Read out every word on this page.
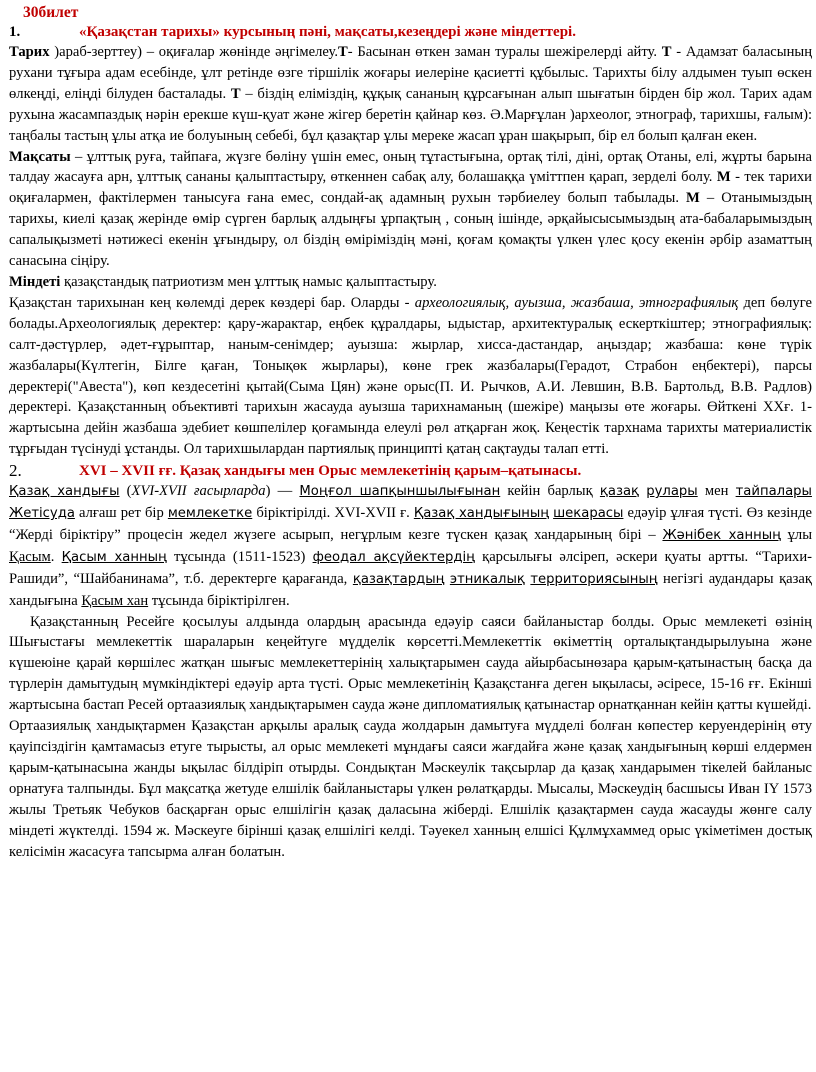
30билет
1.	«Қазақстан тарихы» курсының пәні, мақсаты,кезеңдері және міндеттері.

Тарих )араб-зерттеу) – оқиғалар жөнінде әңгімелеу.Т- Басынан өткен заман туралы шежірелерді айту. Т - Адамзат баласының рухани тұғыра адам есебінде, ұлт ретінде өзге тіршілік жоғары иелеріне қасиетті құбылыс. Тарихты білу алдымен туып өскен өлкеңді, еліңді білуден басталады. Т – біздің еліміздің, құқық сананың құрсағынан алып шығатын бірден бір жол. Тарих адам рухына жасампаздық нәрін ерекше күш-қуат және жігер беретін қайнар көз. Ә.Марғұлан )археолог, этнограф, тарихшы, ғалым): таңбалы тастың ұлы атқа ие болуының себебі, бұл қазақтар ұлы мереке жасап ұран шақырып, бір ел болып қалған екен.

Мақсаты – ұлттық руға, тайпаға, жүзге бөліну үшін емес, оның тұтастығына, ортақ тілі, діні, ортақ Отаны, елі, жұрты барына талдау жасауға арн, ұлттық сананы қалыптастыру, өткеннен сабақ алу, болашаққа үміттпен қарап, зерделі болу. М - тек тарихи оқиғалармен, фактілермен танысуға ғана емес, сондай-ақ адамның рухын тәрбиелеу болып табылады. М – Отанымыздың тарихы, киелі қазақ жерінде өмір сүрген барлық алдыңғы ұрпақтың , соның ішінде, әрқайысысымыздың ата-бабаларымыздың сапалықызметі нәтижесі екенін ұғындыру, ол біздің өміріміздің мәні, қоғам қомақты үлкен үлес қосу екенін әрбір азаматтың санасына сіңіру.

Міндеті қазақстандық патриотизм мен ұлттық намыс қалыптастыру.

Қазақстан тарихынан кең көлемді дерек көздері бар. Оларды - археологиялық, ауызша, жазбаша, этнографиялық деп бөлуге болады.Археологиялық деректер: қару-жарактар, еңбек құралдары, ыдыстар, архитектуралық ескерткіштер; этнографиялық: салт-дәстүрлер, әдет-ғұрыптар, наным-сенімдер; ауызша: жырлар, хисса-дастандар, аңыздар; жазбаша: көне түрік жазбалары(Күлтегін, Білге қаған, Тонықөк жырлары), көне грек жазбалары(Герадот, Страбон еңбектері), парсы деректері("Авеста"), көп кездесетіні қытай(Сыма Цян) және орыс(П. И. Рычков, А.И. Левшин, В.В. Бартольд, В.В. Радлов) деректері. Қазақстанның объективті тарихын жасауда ауызша тарихнаманың (шежіре) маңызы өте жоғары. Өйткені ХХғ. 1-жартысына дейін жазбаша эдебиет көшпелілер қоғамында елеулі рөл атқарған жоқ. Кеңестік тархнама тарихты материалистік тұрғыдан түсінуді ұстанды. Ол тарихшылардан партиялық принципті қатаң сақтауды талап етті.

2.	XVI – XVII ғғ. Қазақ хандығы мен Орыс мемлекетінің қарым–қатынасы.

Қазақ хандығы (XVI-XVII ғасырларда) — Моңғол шапқыншылығынан кейін барлық қазақ рулары мен тайпалары Жетісуда алғаш рет бір мемлекетке біріктірілді. XVI-XVII ғ. Қазақ хандығының шекарасы едәуір ұлғая түсті. Өз кезінде “Жерді біріктіру” процесін жедел жүзеге асырып, негұрлым кезге түскен қазақ хандарының бірі – Жәнібек ханның ұлы Қасым. Қасым ханның тұсында (1511-1523) феодал ақсүйектердің қарсылығы әлсіреп, әскери қуаты артты. “Тарихи-Рашиди”, “Шайбанинама”, т.б. деректерге қарағанда, қазақтардың этникалық территориясының негізгі аудандары қазақ хандығына Қасым хан тұсында біріктірілген.

Қазақстанның Ресейге қосылуы алдында олардың арасында едәуір саяси байланыстар болды. Орыс мемлекеті өзінің Шығыстағы мемлекеттік шараларын кеңейтуге мүдделік көрсетті.Мемлекеттік өкіметтің орталықтандырылуына және күшеюіне қарай көршілес жатқан шығыс мемлекеттерінің халықтарымен сауда айырбасынөзара қарым-қатынастың басқа да түрлерін дамытудың мүмкіндіктері едәуір арта түсті. Орыс мемлекетінің Қазақстанға деген ықыласы, әсіресе, 15-16 ғғ. Екінші жартысына бастап Ресей ортаазиялық хандықтарымен сауда және дипломатиялық қатынастар орнатқаннан кейін қатты күшейді.

Ортаазиялық хандықтармен Қазақстан арқылы аралық сауда жолдарын дамытуға мүдделі болған көпестер керуендерінің өту қауіпсіздігін қамтамасыз етуге тырысты, ал орыс мемлекеті мұндағы саяси жағдайға және қазақ хандығының көрші елдермен қарым-қатынасына жанды ықылас білдіріп отырды. Сондықтан Мәскеулік тақсырлар да қазақ хандарымен тікелей байланыс орнатуға талпынды. Бұл мақсатқа жетуде елшілік байланыстары үлкен рөлатқарды. Мысалы, Мәскеудің басшысы Иван IY 1573 жылы Третьяк Чебуков басқарған орыс елшілігін қазақ даласына жіберді. Елшілік қазақтармен сауда жасауды жөнге салу міндеті жүктелді. 1594 ж. Мәскеуге бірінші қазақ елшілігі келді. Тәуекел ханның елшісі Құлмұхаммед орыс үкіметімен достық келісімін жасасуға тапсырма алған болатын.
